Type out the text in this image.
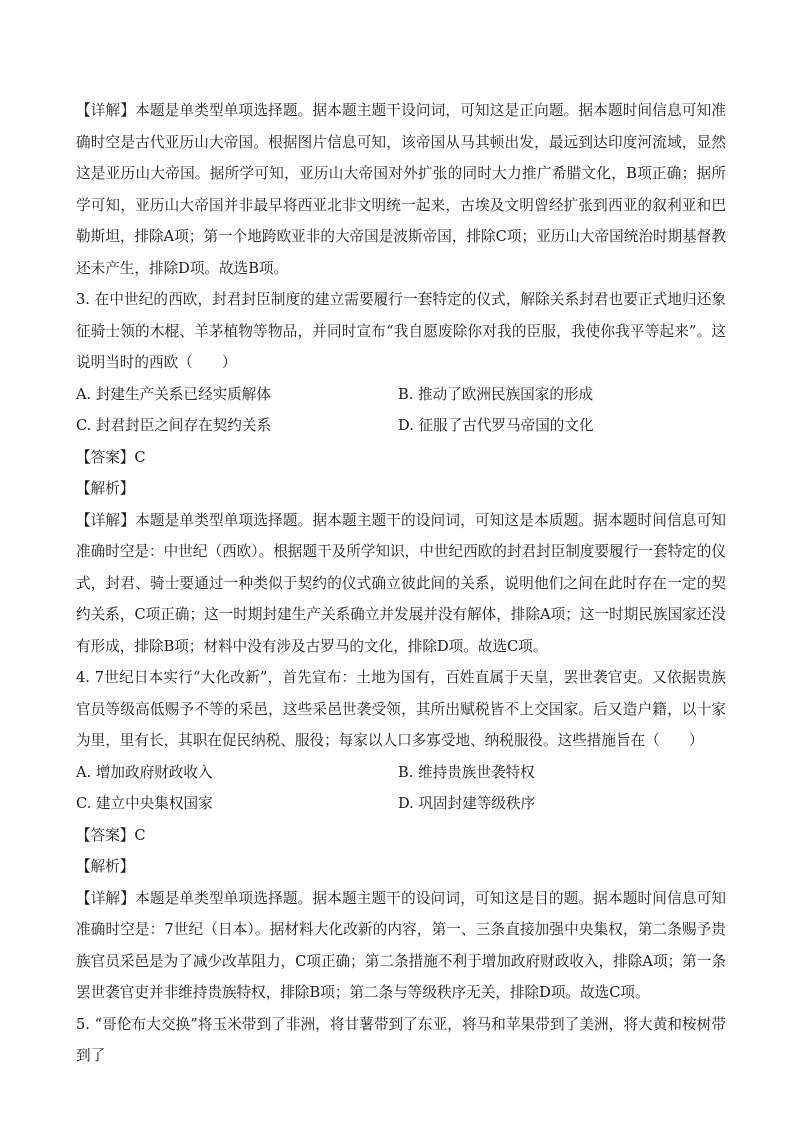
【详解】本题是单类型单项选择题。据本题主题干设问词，可知这是正向题。据本题时间信息可知准确时空是古代亚历山大帝国。根据图片信息可知，该帝国从马其顿出发，最远到达印度河流域，显然这是亚历山大帝国。据所学可知，亚历山大帝国对外扩张的同时大力推广希腊文化，B项正确；据所学可知，亚历山大帝国并非最早将西亚北非文明统一起来，古埃及文明曾经扩张到西亚的叙利亚和巴勒斯坦，排除A项；第一个地跨欧亚非的大帝国是波斯帝国，排除C项；亚历山大帝国统治时期基督教还未产生，排除D项。故选B项。

3. 在中世纪的西欧，封君封臣制度的建立需要履行一套特定的仪式，解除关系封君也要正式地归还象征骑士领的木棍、羊茅植物等物品，并同时宣布“我自愿废除你对我的臣服，我使你我平等起来”。这说明当时的西欧（　　）

A. 封建生产关系已经实质解体	B. 推动了欧洲民族国家的形成
C. 封君封臣之间存在契约关系	D. 征服了古代罗马帝国的文化

【答案】C

【解析】

【详解】本题是单类型单项选择题。据本题主题干的设问词，可知这是本质题。据本题时间信息可知准确时空是：中世纪（西欧）。根据题干及所学知识，中世纪西欧的封君封臣制度要履行一套特定的仪式，封君、骑士要通过一种类似于契约的仪式确立彼此间的关系，说明他们之间在此时存在一定的契约关系，C项正确；这一时期封建生产关系确立并发展并没有解体，排除A项；这一时期民族国家还没有形成，排除B项；材料中没有涉及古罗马的文化，排除D项。故选C项。

4. 7世纪日本实行“大化改新”，首先宣布：土地为国有，百姓直属于天皇，罢世袭官吏。又依据贵族官员等级高低赐予不等的采邑，这些采邑世袭受领，其所出赋税皆不上交国家。后又造户籍，以十家为里，里有长，其职在促民纳税、服役；每家以人口多寡受地、纳税服役。这些措施旨在（　　）

A. 增加政府财政收入	B. 维持贵族世袭特权
C. 建立中央集权国家	D. 巩固封建等级秩序

【答案】C

【解析】

【详解】本题是单类型单项选择题。据本题主题干的设问词，可知这是目的题。据本题时间信息可知准确时空是：7世纪（日本）。据材料大化改新的内容，第一、三条直接加强中央集权，第二条赐予贵族官员采邑是为了减少改革阻力，C项正确；第二条措施不利于增加政府财政收入，排除A项；第一条罢世袭官吏并非维持贵族特权，排除B项；第二条与等级秩序无关，排除D项。故选C项。

5. “哥伦布大交换”将玉米带到了非洲，将甘薯带到了东亚，将马和苹果带到了美洲，将大黄和桉树带到了
